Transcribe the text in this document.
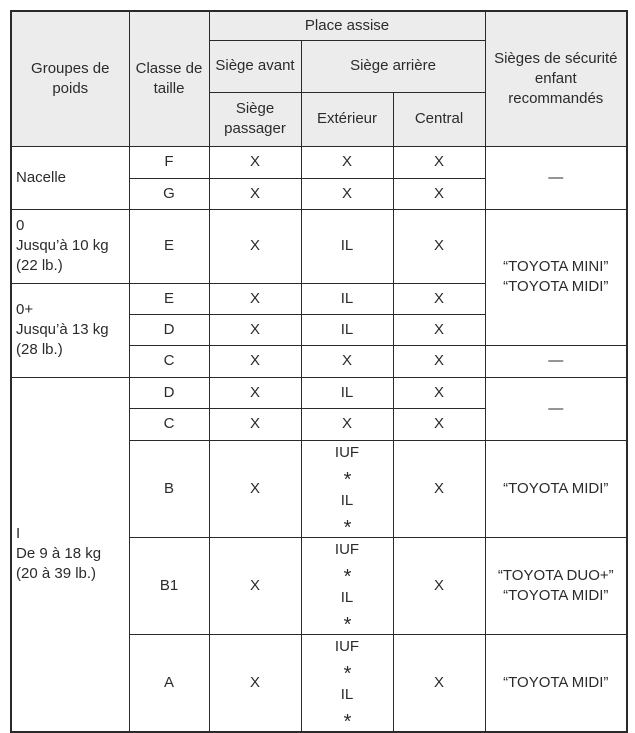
Groupes de poids	Classe de taille	Place assise			Sièges de sécurité enfant recommandés
		Siège avant	Siège arrière		
		Siège passager	Extérieur	Central	
Nacelle	F	X	X	X	—
	G	X	X	X	

0
Jusqu’à 10 kg
(22 lb.)	E	X	IL	X	“TOYOTA MINI”
“TOYOTA MIDI”

0+
Jusqu’à 13 kg
(28 lb.)	E	X	IL	X	
	D	X	IL	X	
	C	X	X	X	—

I
De 9 à 18 kg
(20 à 39 lb.)	D	X	IL	X	—
	C	X	X	X	
	B	X	IUF
*
IL
*	X	“TOYOTA MIDI”
	B1	X	IUF
*
IL
*	X	“TOYOTA DUO+”
“TOYOTA MIDI”

	A	X	IUF
*
IL
*	X	“TOYOTA MIDI”
